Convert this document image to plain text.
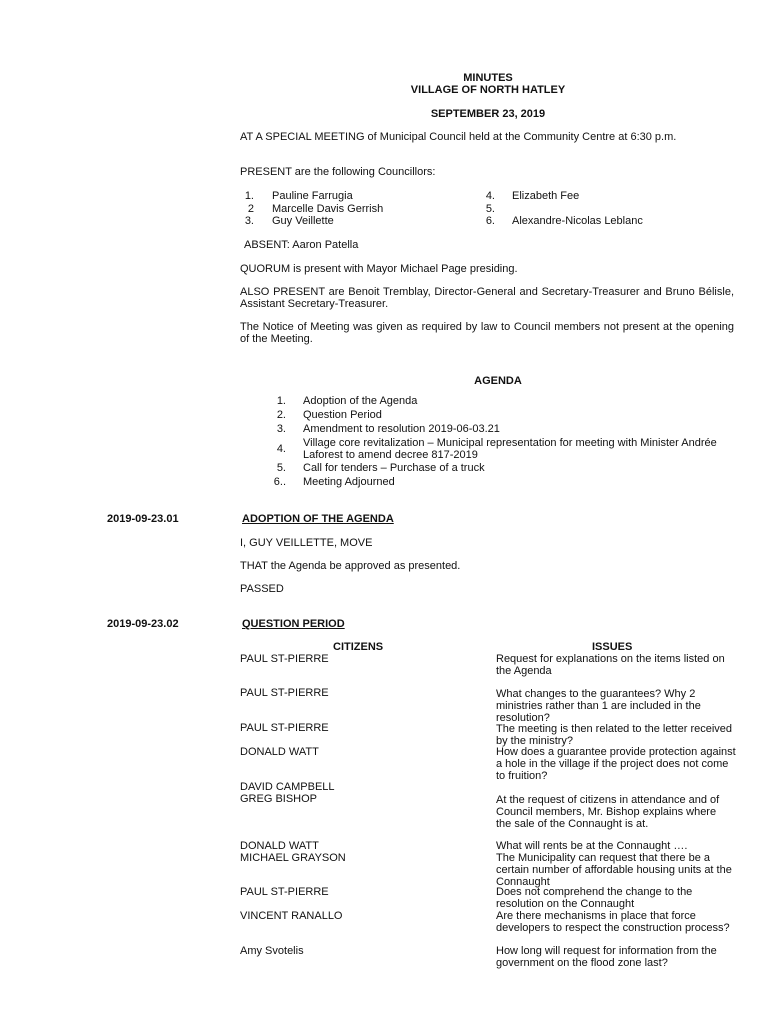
MINUTES
VILLAGE OF NORTH HATLEY
SEPTEMBER 23, 2019
AT A SPECIAL MEETING of Municipal Council held at the Community Centre at 6:30 p.m.
PRESENT are the following Councillors:
1. Pauline Farrugia
2 Marcelle Davis Gerrish
3. Guy Veillette
4. Elizabeth Fee
5.
6. Alexandre-Nicolas Leblanc
ABSENT: Aaron Patella
QUORUM is present with Mayor Michael Page presiding.
ALSO PRESENT are Benoit Tremblay, Director-General and Secretary-Treasurer and Bruno Bélisle, Assistant Secretary-Treasurer.
The Notice of Meeting was given as required by law to Council members not present at the opening of the Meeting.
AGENDA
1. Adoption of the Agenda
2. Question Period
3. Amendment to resolution 2019-06-03.21
4. Village core revitalization – Municipal representation for meeting with Minister Andrée Laforest to amend decree 817-2019
5. Call for tenders – Purchase of a truck
6.. Meeting Adjourned
2019-09-23.01	ADOPTION OF THE AGENDA
I, GUY VEILLETTE, MOVE
THAT the Agenda be approved as presented.
PASSED
2019-09-23.02	QUESTION PERIOD
CITIZENS	ISSUES
PAUL ST-PIERRE	Request for explanations on the items listed on the Agenda
PAUL ST-PIERRE	What changes to the guarantees? Why 2 ministries rather than 1 are included in the resolution?
PAUL ST-PIERRE	The meeting is then related to the letter received by the ministry?
DONALD WATT	How does a guarantee provide protection against a hole in the village if the project does not come to fruition?
DAVID CAMPBELL
GREG BISHOP	At the request of citizens in attendance and of Council members, Mr. Bishop explains where the sale of the Connaught is at.
DONALD WATT	What will rents be at the Connaught ….
MICHAEL GRAYSON	The Municipality can request that there be a certain number of affordable housing units at the Connaught
PAUL ST-PIERRE	Does not comprehend the change to the resolution on the Connaught
VINCENT RANALLO	Are there mechanisms in place that force developers to respect the construction process?
Amy Svotelis	How long will request for information from the government on the flood zone last?
